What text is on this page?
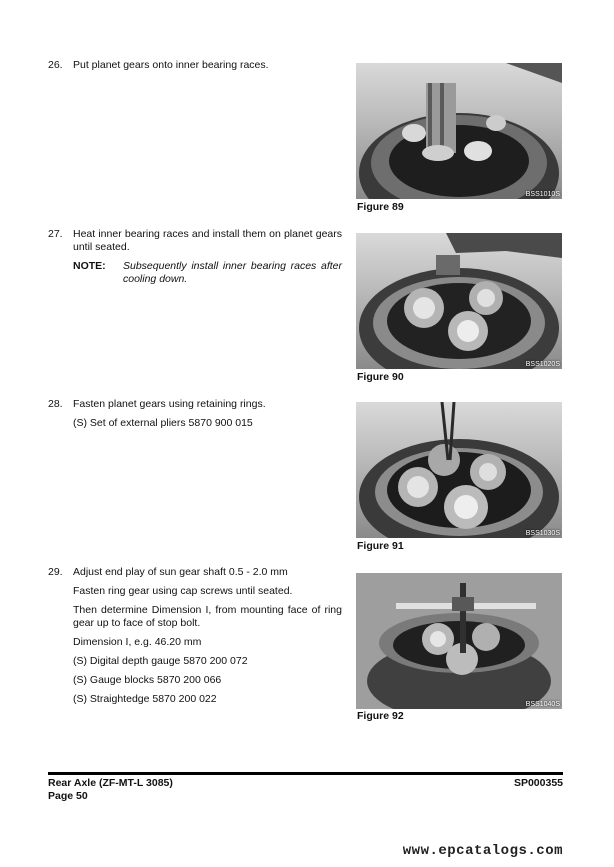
26. Put planet gears onto inner bearing races.

BSS1010S
Figure 89
27. Heat inner bearing races and install them on planet gears until seated.

NOTE:	Subsequently install inner bearing races after cooling down.
BSS1020S
Figure 90
28. Fasten planet gears using retaining rings.

(S) Set of external pliers 5870 900 015

BSS1030S
Figure 91
29. Adjust end play of sun gear shaft 0.5 - 2.0 mm

Fasten ring gear using cap screws until seated.

Then determine Dimension I, from mounting face of ring gear up to face of stop bolt.

Dimension I, e.g. 46.20 mm

(S) Digital depth gauge 5870 200 072

(S) Gauge blocks 5870 200 066

(S) Straightedge 5870 200 022	BSS1040S
Figure 92
Rear Axle (ZF-MT-L 3085)
Page 50
SP000355
www.epcatalogs.com
